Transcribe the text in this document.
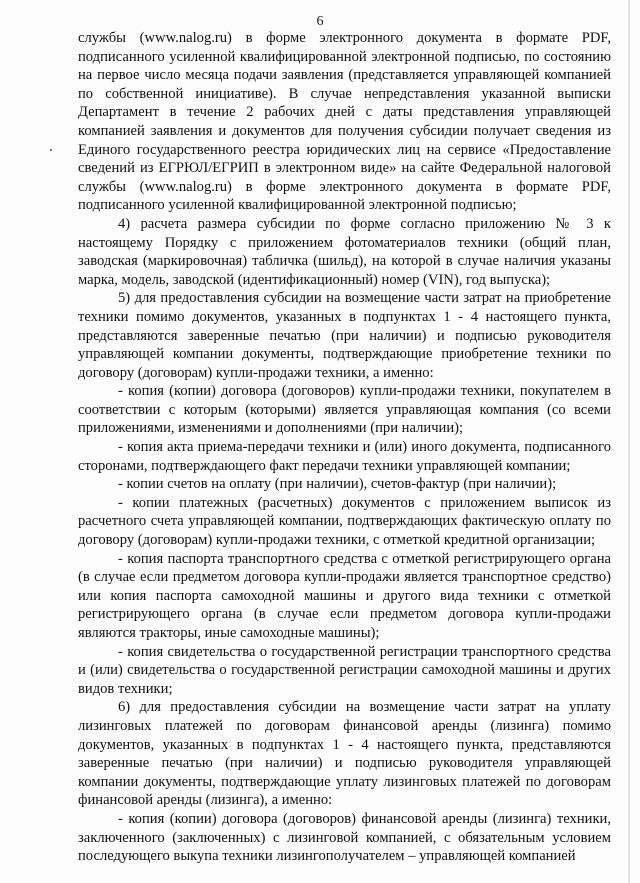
6

службы (www.nalog.ru) в форме электронного документа в формате PDF, подписанного усиленной квалифицированной электронной подписью, по состоянию на первое число месяца подачи заявления (представляется управляющей компанией по собственной инициативе). В случае непредставления указанной выписки Департамент в течение 2 рабочих дней с даты представления управляющей компанией заявления и документов для получения субсидии получает сведения из Единого государственного реестра юридических лиц на сервисе «Предоставление сведений из ЕГРЮЛ/ЕГРИП в электронном виде» на сайте Федеральной налоговой службы (www.nalog.ru) в форме электронного документа в формате PDF, подписанного усиленной квалифицированной электронной подписью;

4) расчета размера субсидии по форме согласно приложению № 3 к настоящему Порядку с приложением фотоматериалов техники (общий план, заводская (маркировочная) табличка (шильд), на которой в случае наличия указаны марка, модель, заводской (идентификационный) номер (VIN), год выпуска);

5) для предоставления субсидии на возмещение части затрат на приобретение техники помимо документов, указанных в подпунктах 1 - 4 настоящего пункта, представляются заверенные печатью (при наличии) и подписью руководителя управляющей компании документы, подтверждающие приобретение техники по договору (договорам) купли-продажи техники, а именно:

- копия (копии) договора (договоров) купли-продажи техники, покупателем в соответствии с которым (которыми) является управляющая компания (со всеми приложениями, изменениями и дополнениями (при наличии);

- копия акта приема-передачи техники и (или) иного документа, подписанного сторонами, подтверждающего факт передачи техники управляющей компании;

- копии счетов на оплату (при наличии), счетов-фактур (при наличии);

- копии платежных (расчетных) документов с приложением выписок из расчетного счета управляющей компании, подтверждающих фактическую оплату по договору (договорам) купли-продажи техники, с отметкой кредитной организации;

- копия паспорта транспортного средства с отметкой регистрирующего органа (в случае если предметом договора купли-продажи является транспортное средство) или копия паспорта самоходной машины и другого вида техники с отметкой регистрирующего органа (в случае если предметом договора купли-продажи являются тракторы, иные самоходные машины);

- копия свидетельства о государственной регистрации транспортного средства и (или) свидетельства о государственной регистрации самоходной машины и других видов техники;

6) для предоставления субсидии на возмещение части затрат на уплату лизинговых платежей по договорам финансовой аренды (лизинга) помимо документов, указанных в подпунктах 1 - 4 настоящего пункта, представляются заверенные печатью (при наличии) и подписью руководителя управляющей компании документы, подтверждающие уплату лизинговых платежей по договорам финансовой аренды (лизинга), а именно:

- копия (копии) договора (договоров) финансовой аренды (лизинга) техники, заключенного (заключенных) с лизинговой компанией, с обязательным условием последующего выкупа техники лизингополучателем – управляющей компанией
